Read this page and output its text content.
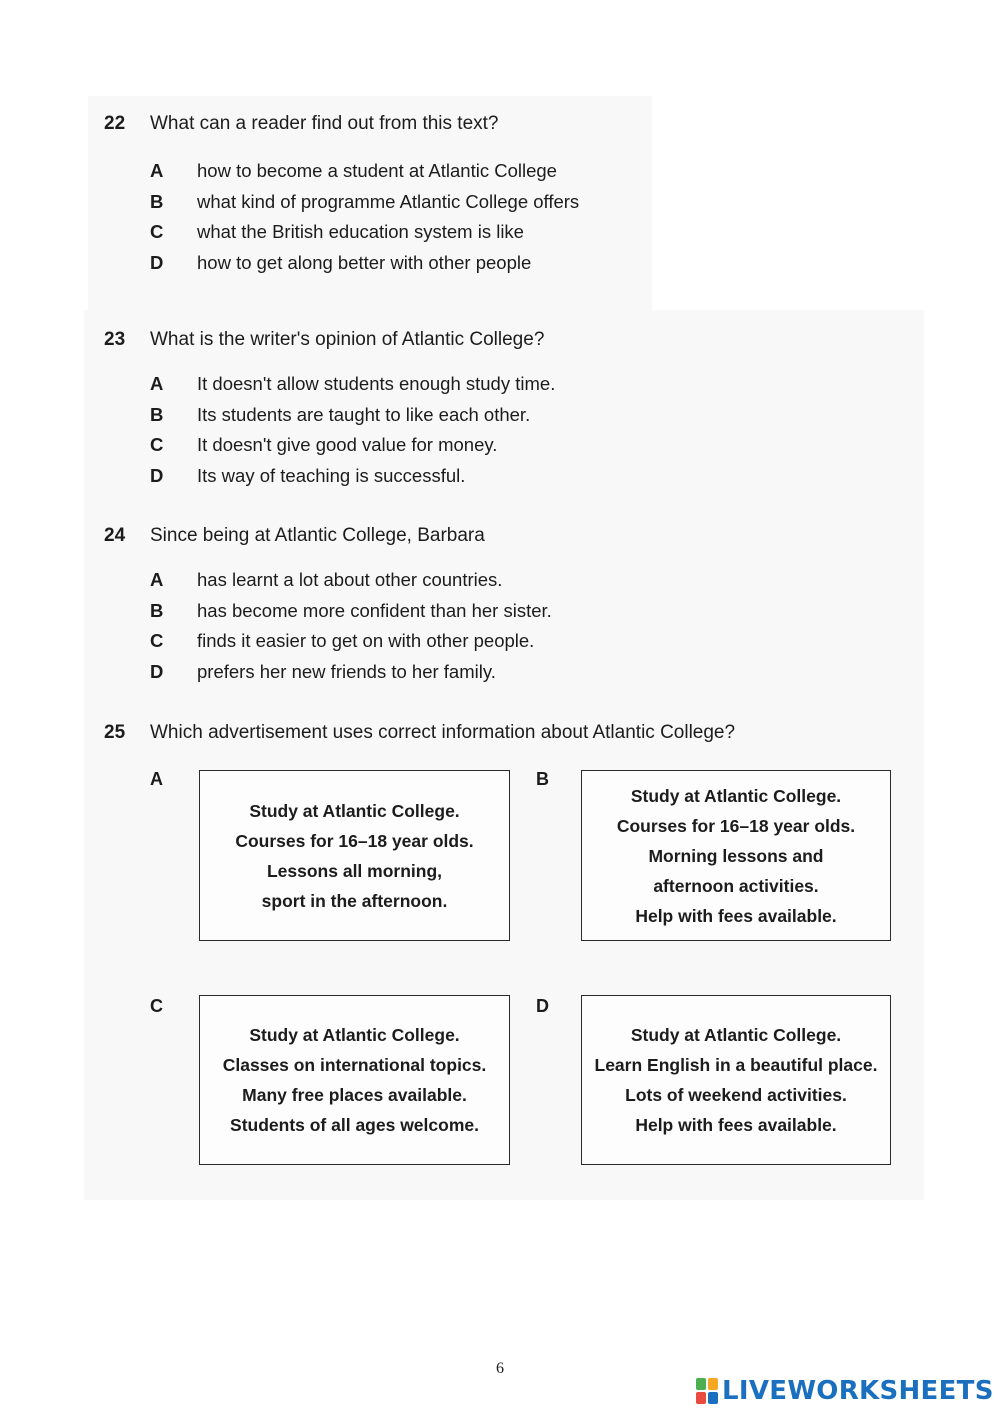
22	What can a reader find out from this text?
A	how to become a student at Atlantic College
B	what kind of programme Atlantic College offers
C	what the British education system is like
D	how to get along better with other people
23	What is the writer's opinion of Atlantic College?
A	It doesn't allow students enough study time.
B	Its students are taught to like each other.
C	It doesn't give good value for money.
D	Its way of teaching is successful.
24	Since being at Atlantic College, Barbara
A	has learnt a lot about other countries.
B	has become more confident than her sister.
C	finds it easier to get on with other people.
D	prefers her new friends to her family.
25	Which advertisement uses correct information about Atlantic College?
A
Study at Atlantic College.
Courses for 16–18 year olds.
Lessons all morning,
sport in the afternoon.
B
Study at Atlantic College.
Courses for 16–18 year olds.
Morning lessons and
afternoon activities.
Help with fees available.
C
Study at Atlantic College.
Classes on international topics.
Many free places available.
Students of all ages welcome.
D
Study at Atlantic College.
Learn English in a beautiful place.
Lots of weekend activities.
Help with fees available.
6
LIVEWORKSHEETS
